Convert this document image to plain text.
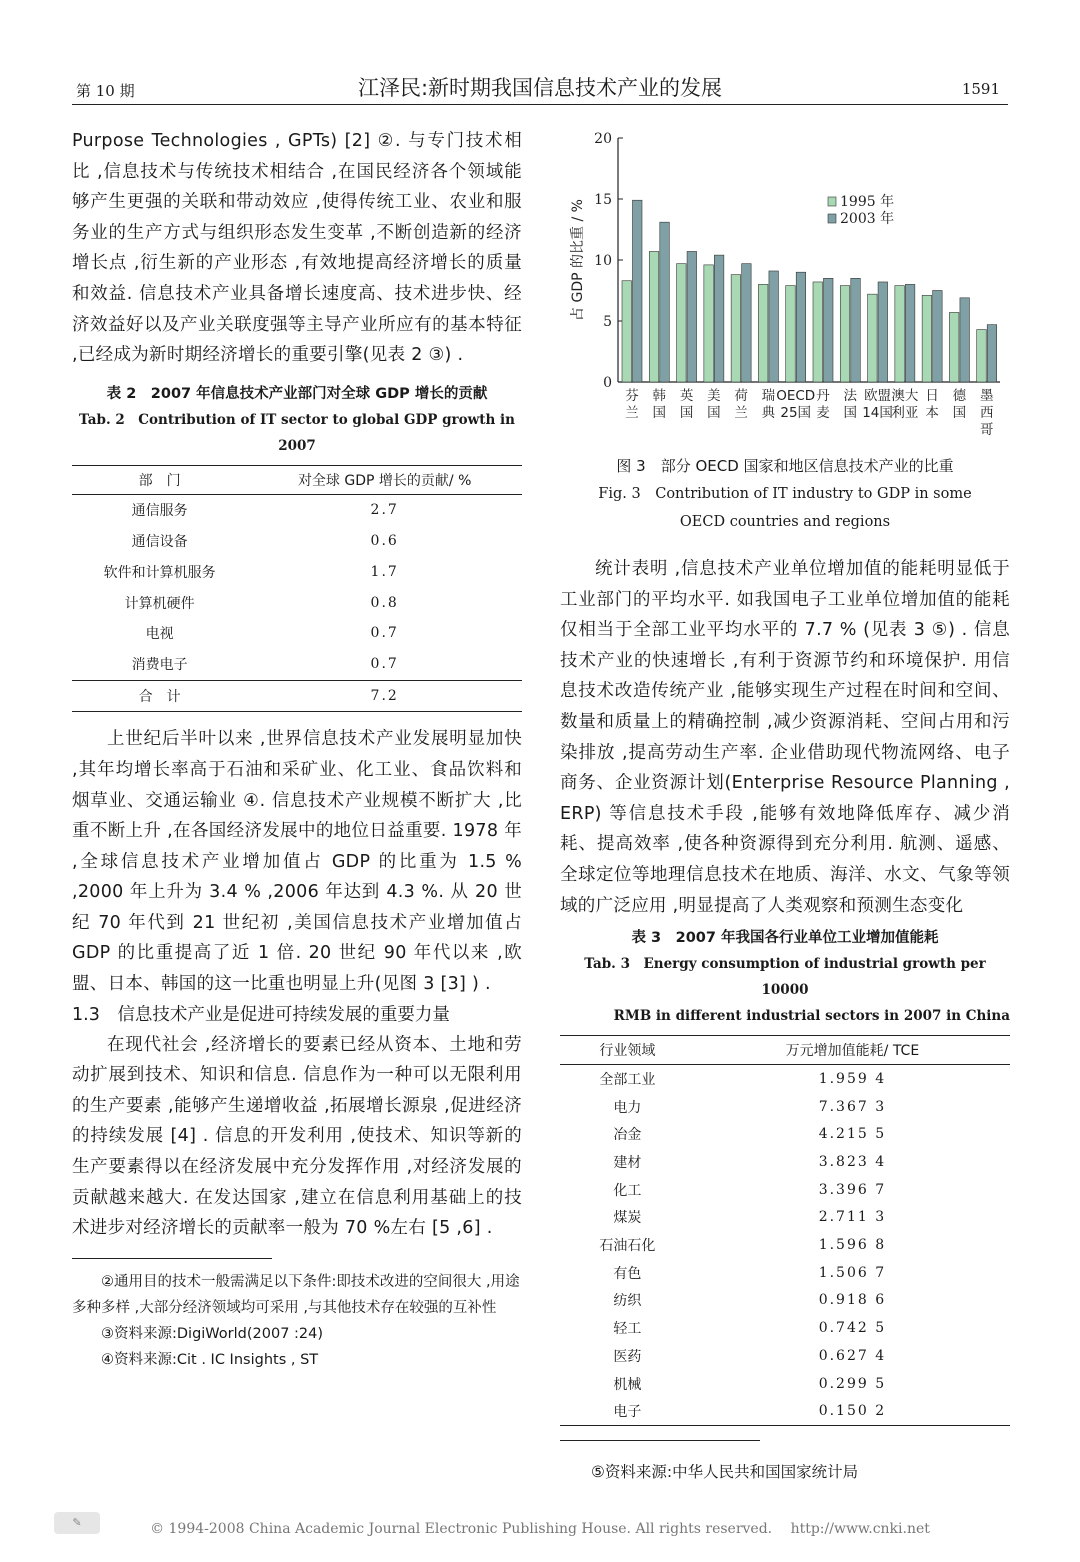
第 10 期	江泽民:新时期我国信息技术产业的发展	1591

Purpose Technologies , GPTs) [2] ②. 与专门技术相比 ,信息技术与传统技术相结合 ,在国民经济各个领域能够产生更强的关联和带动效应 ,使得传统工业、农业和服务业的生产方式与组织形态发生变革 ,不断创造新的经济增长点 ,衍生新的产业形态 ,有效地提高经济增长的质量和效益. 信息技术产业具备增长速度高、技术进步快、经济效益好以及产业关联度强等主导产业所应有的基本特征 ,已经成为新时期经济增长的重要引擎(见表 2 ③) .

表 2　2007 年信息技术产业部门对全球 GDP 增长的贡献

Tab. 2　Contribution of IT sector to global GDP growth in 2007

部　门	对全球 GDP 增长的贡献/ %
通信服务	2.7
通信设备	0.6
软件和计算机服务	1.7
计算机硬件	0.8
电视	0.7
消费电子	0.7
合　计	7.2

上世纪后半叶以来 ,世界信息技术产业发展明显加快 ,其年均增长率高于石油和采矿业、化工业、食品饮料和烟草业、交通运输业 ④. 信息技术产业规模不断扩大 ,比重不断上升 ,在各国经济发展中的地位日益重要. 1978 年 ,全球信息技术产业增加值占 GDP 的比重为 1.5 % ,2000 年上升为 3.4 % ,2006 年达到 4.3 %. 从 20 世纪 70 年代到 21 世纪初 ,美国信息技术产业增加值占 GDP 的比重提高了近 1 倍. 20 世纪 90 年代以来 ,欧盟、日本、韩国的这一比重也明显上升(见图 3 [3] ) .

1.3　信息技术产业是促进可持续发展的重要力量

在现代社会 ,经济增长的要素已经从资本、土地和劳动扩展到技术、知识和信息. 信息作为一种可以无限利用的生产要素 ,能够产生递增收益 ,拓展增长源泉 ,促进经济的持续发展 [4] . 信息的开发利用 ,使技术、知识等新的生产要素得以在经济发展中充分发挥作用 ,对经济发展的贡献越来越大. 在发达国家 ,建立在信息利用基础上的技术进步对经济增长的贡献率一般为 70 %左右 [5 ,6] .

②通用目的技术一般需满足以下条件:即技术改进的空间很大 ,用途多种多样 ,大部分经济领域均可采用 ,与其他技术存在较强的互补性

③资料来源:DigiWorld(2007 :24)

④资料来源:Cit . IC Insights , ST

0
5
10
15
20
占 GDP 的比重 / %
芬
兰
韩
国
英
国
美
国
荷
兰
瑞
典
OECD
25国
丹
麦
法
国
欧盟
14国
澳大
利亚
日
本
德
国
墨
西
哥
1995 年
2003 年

图 3　部分 OECD 国家和地区信息技术产业的比重

Fig. 3　Contribution of IT industry to GDP in some

OECD countries and regions

统计表明 ,信息技术产业单位增加值的能耗明显低于工业部门的平均水平. 如我国电子工业单位增加值的能耗仅相当于全部工业平均水平的 7.7 % (见表 3 ⑤) . 信息技术产业的快速增长 ,有利于资源节约和环境保护. 用信息技术改造传统产业 ,能够实现生产过程在时间和空间、数量和质量上的精确控制 ,减少资源消耗、空间占用和污染排放 ,提高劳动生产率. 企业借助现代物流网络、电子商务、企业资源计划(Enterprise Resource Planning , ERP) 等信息技术手段 ,能够有效地降低库存、减少消耗、提高效率 ,使各种资源得到充分利用. 航测、遥感、全球定位等地理信息技术在地质、海洋、水文、气象等领域的广泛应用 ,明显提高了人类观察和预测生态变化

表 3　2007 年我国各行业单位工业增加值能耗

Tab. 3　Energy consumption of industrial growth per 10000

RMB in different industrial sectors in 2007 in China

行业领域	万元增加值能耗/ TCE
全部工业	1.959 4
电力	7.367 3
冶金	4.215 5
建材	3.823 4
化工	3.396 7
煤炭	2.711 3
石油石化	1.596 8
有色	1.506 7
纺织	0.918 6
轻工	0.742 5
医药	0.627 4
机械	0.299 5
电子	0.150 2

⑤资料来源:中华人民共和国国家统计局

✎	© 1994-2008 China Academic Journal Electronic Publishing House. All rights reserved.　 http://www.cnki.net
